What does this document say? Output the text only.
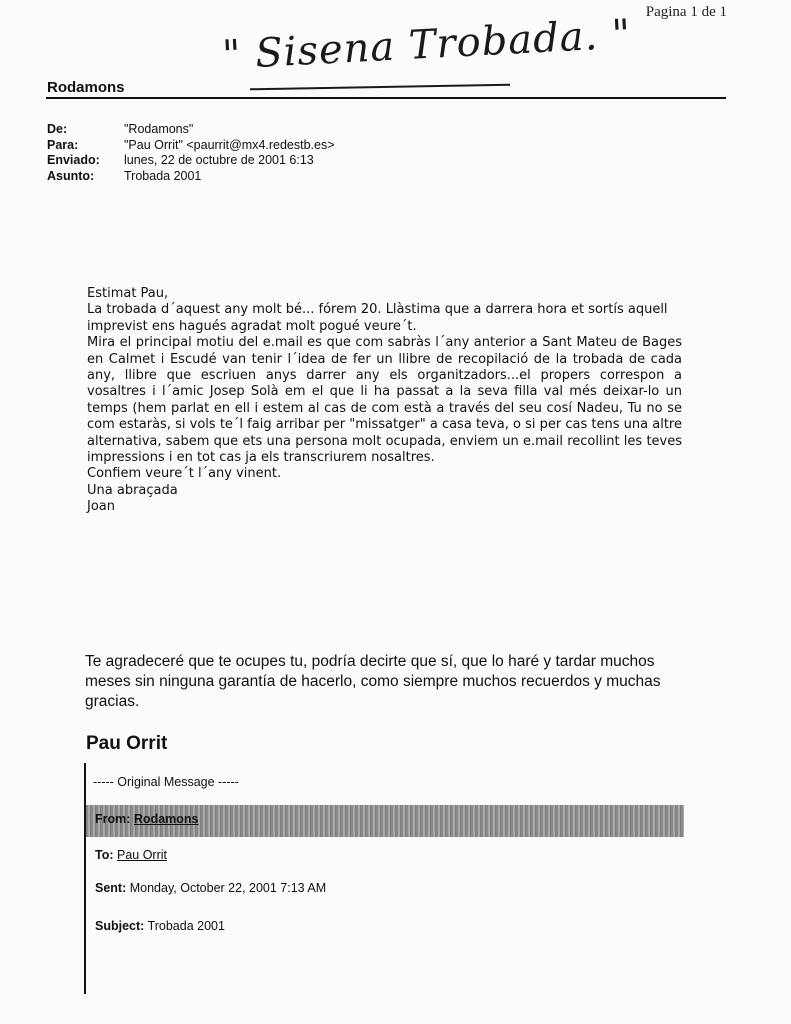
Pagina 1 de 1
" Sisena Trobada. "
Rodamons
De:	"Rodamons"
Para:	"Pau Orrit" <paurrit@mx4.redestb.es>
Enviado:	lunes, 22 de octubre de 2001 6:13
Asunto:	Trobada 2001

Estimat Pau,

La trobada d´aquest any molt bé... fórem 20. Llàstima que a darrera hora et sortís aquell imprevist ens hagués agradat molt pogué veure´t.

Mira el principal motiu del e.mail es que com sabràs l´any anterior a Sant Mateu de Bages en Calmet i Escudé van tenir l´idea de fer un llibre de recopilació de la trobada de cada any, llibre que escriuen anys darrer any els organitzadors...el propers correspon a vosaltres i l´amic Josep Solà em el que li ha passat a la seva filla val més deixar-lo un temps (hem parlat en ell i estem al cas de com està a través del seu cosí Nadeu, Tu no se com estaràs, si vols te´l faig arribar per "missatger" a casa teva, o si per cas tens una altre alternativa, sabem que ets una persona molt ocupada, enviem un e.mail recollint les teves impressions i en tot cas ja els transcriurem nosaltres.

Confiem veure´t l´any vinent.

Una abraçada

Joan

Te agradeceré que te ocupes tu, podría decirte que sí, que lo haré y tardar muchos meses sin ninguna garantía de hacerlo, como siempre muchos recuerdos y muchas gracias.
Pau Orrit
----- Original Message -----
From: Rodamons
To: Pau Orrit
Sent: Monday, October 22, 2001 7:13 AM
Subject: Trobada 2001
